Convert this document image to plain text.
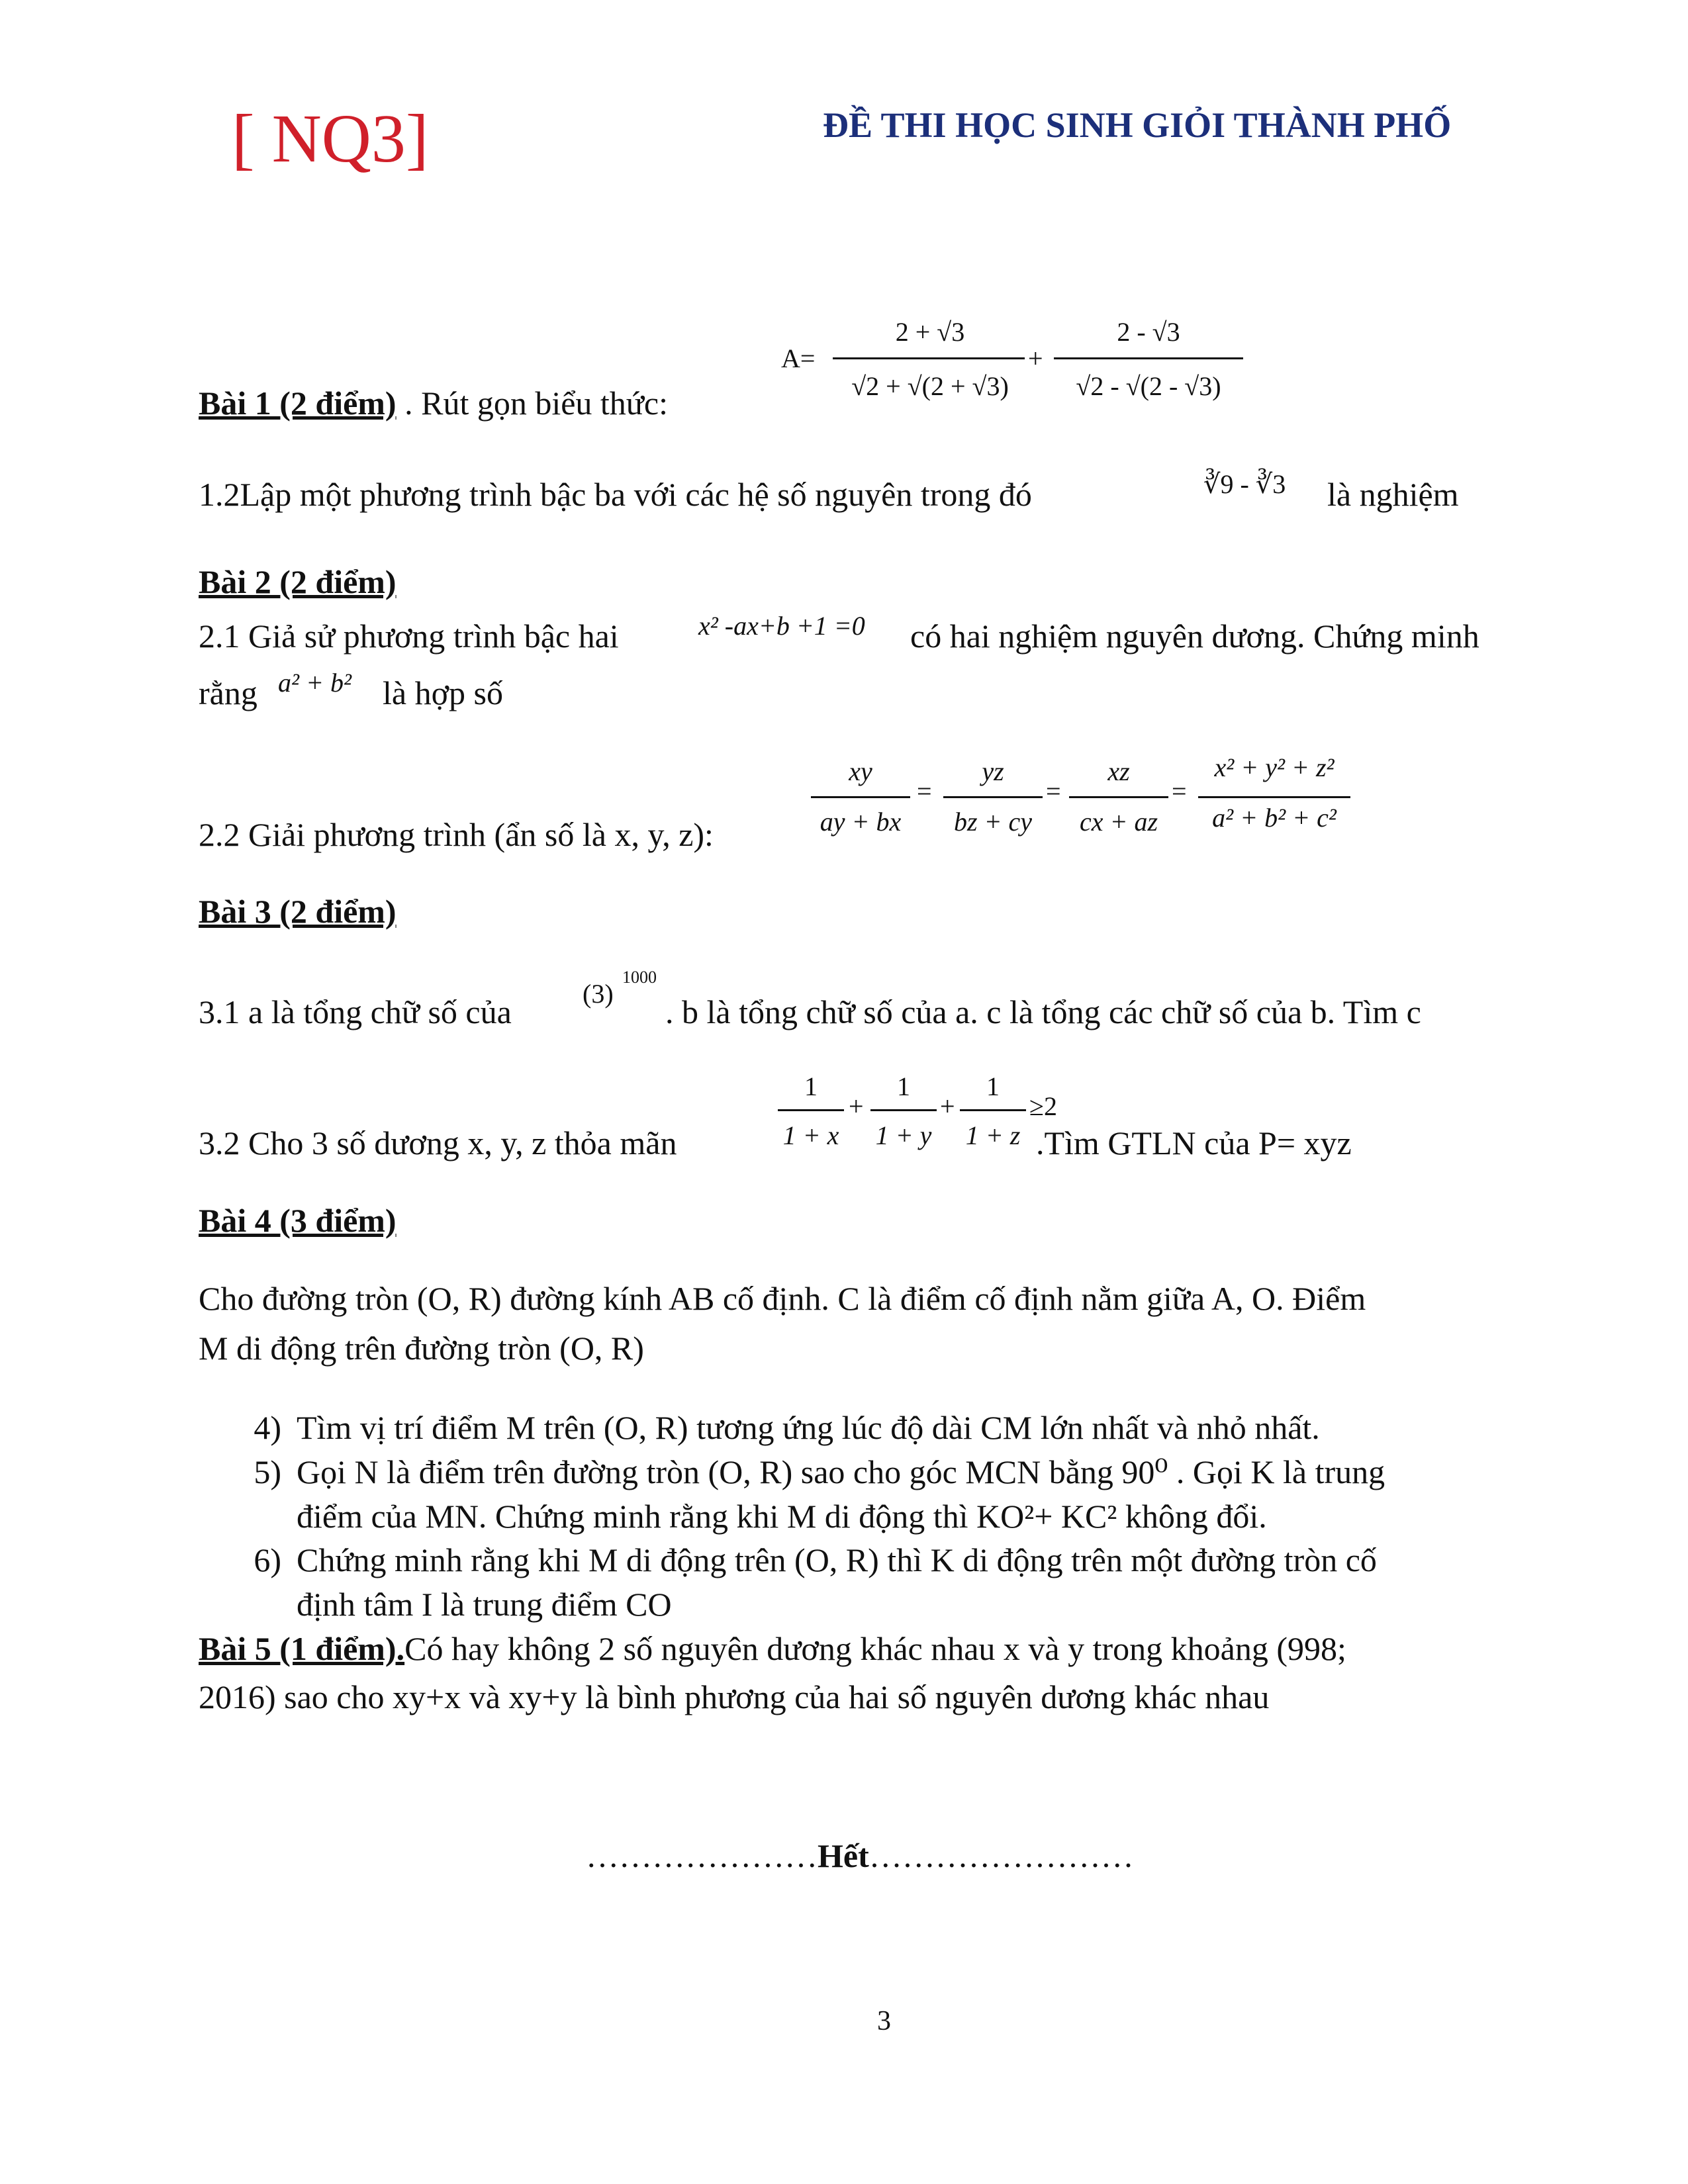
[ NQ3]	ĐỀ THI HỌC SINH GIỎI THÀNH PHỐ
A=
2 + √3
√2 + √(2 + √3)
+
2 - √3
√2 - √(2 - √3)
Bài 1 (2 điểm) . Rút gọn biểu thức:
1.2Lập một phương trình bậc ba với các hệ số nguyên trong đó	∛9 - ∛3 là nghiệm
Bài 2 (2 điểm)
2.1 Giả sử phương trình bậc hai	x² -ax+b +1 =0 có hai nghiệm nguyên dương. Chứng minh
rằng a² + b² là hợp số
xy
ay + bx
=
yz
bz + cy
=
xz
cx + az
=
x² + y² + z²
a² + b² + c²
2.2 Giải phương trình (ẩn số là x, y, z):
Bài 3 (2 điểm)
3.1 a là tổng chữ số của	(3)
1000
. b là tổng chữ số của a. c là tổng các chữ số của b. Tìm c
1
1 + x
+
1
1 + y
+
1
1 + z
≥2
3.2 Cho 3 số dương x, y, z thỏa mãn	.Tìm GTLN của P= xyz
Bài 4 (3 điểm)
Cho đường tròn (O, R) đường kính AB cố định. C là điểm cố định nằm giữa A, O. Điểm
M di động trên đường tròn (O, R)
4) Tìm vị trí điểm M trên (O, R) tương ứng lúc độ dài CM lớn nhất và nhỏ nhất.
5) Gọi N là điểm trên đường tròn (O, R) sao cho góc MCN bằng 90⁰ . Gọi K là trung
điểm của MN. Chứng minh rằng khi M di động thì KO²+ KC² không đổi.
6) Chứng minh rằng khi M di động trên (O, R) thì K di động trên một đường tròn cố
định tâm I là trung điểm CO
Bài 5 (1 điểm).Có hay không 2 số nguyên dương khác nhau x và y trong khoảng (998;
2016) sao cho xy+x và xy+y là bình phương của hai số nguyên dương khác nhau
…………………Hết……………………
3
